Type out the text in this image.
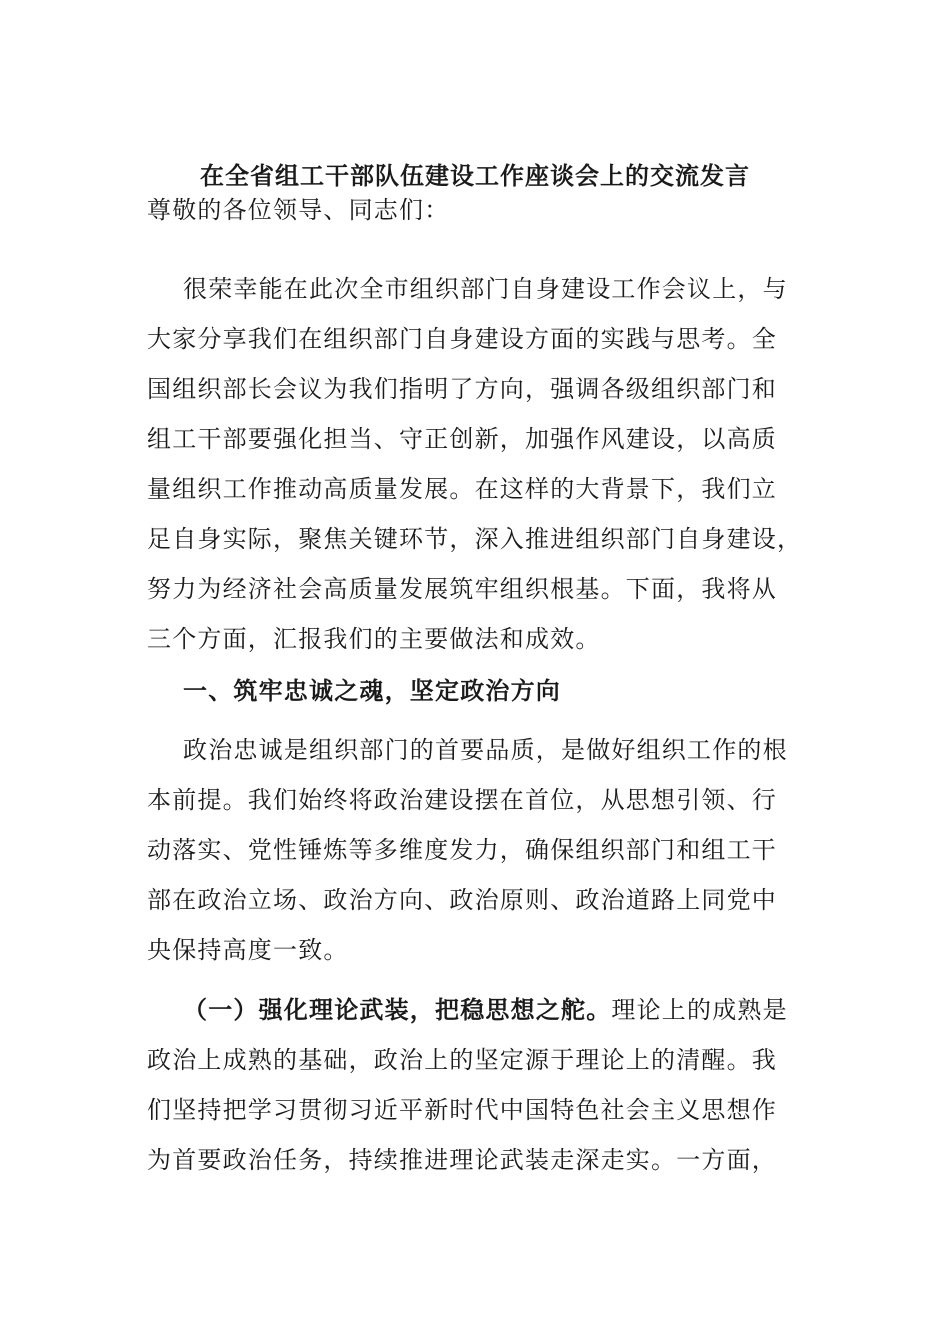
在全省组工干部队伍建设工作座谈会上的交流发言

尊敬的各位领导、同志们：

很荣幸能在此次全市组织部门自身建设工作会议上，与

大家分享我们在组织部门自身建设方面的实践与思考。全

国组织部长会议为我们指明了方向，强调各级组织部门和

组工干部要强化担当、守正创新，加强作风建设，以高质

量组织工作推动高质量发展。在这样的大背景下，我们立

足自身实际，聚焦关键环节，深入推进组织部门自身建设，

努力为经济社会高质量发展筑牢组织根基。下面，我将从

三个方面，汇报我们的主要做法和成效。

一、筑牢忠诚之魂，坚定政治方向

政治忠诚是组织部门的首要品质，是做好组织工作的根

本前提。我们始终将政治建设摆在首位，从思想引领、行

动落实、党性锤炼等多维度发力，确保组织部门和组工干

部在政治立场、政治方向、政治原则、政治道路上同党中

央保持高度一致。

（一）强化理论武装，把稳思想之舵。理论上的成熟是

政治上成熟的基础，政治上的坚定源于理论上的清醒。我

们坚持把学习贯彻习近平新时代中国特色社会主义思想作

为首要政治任务，持续推进理论武装走深走实。一方面，
